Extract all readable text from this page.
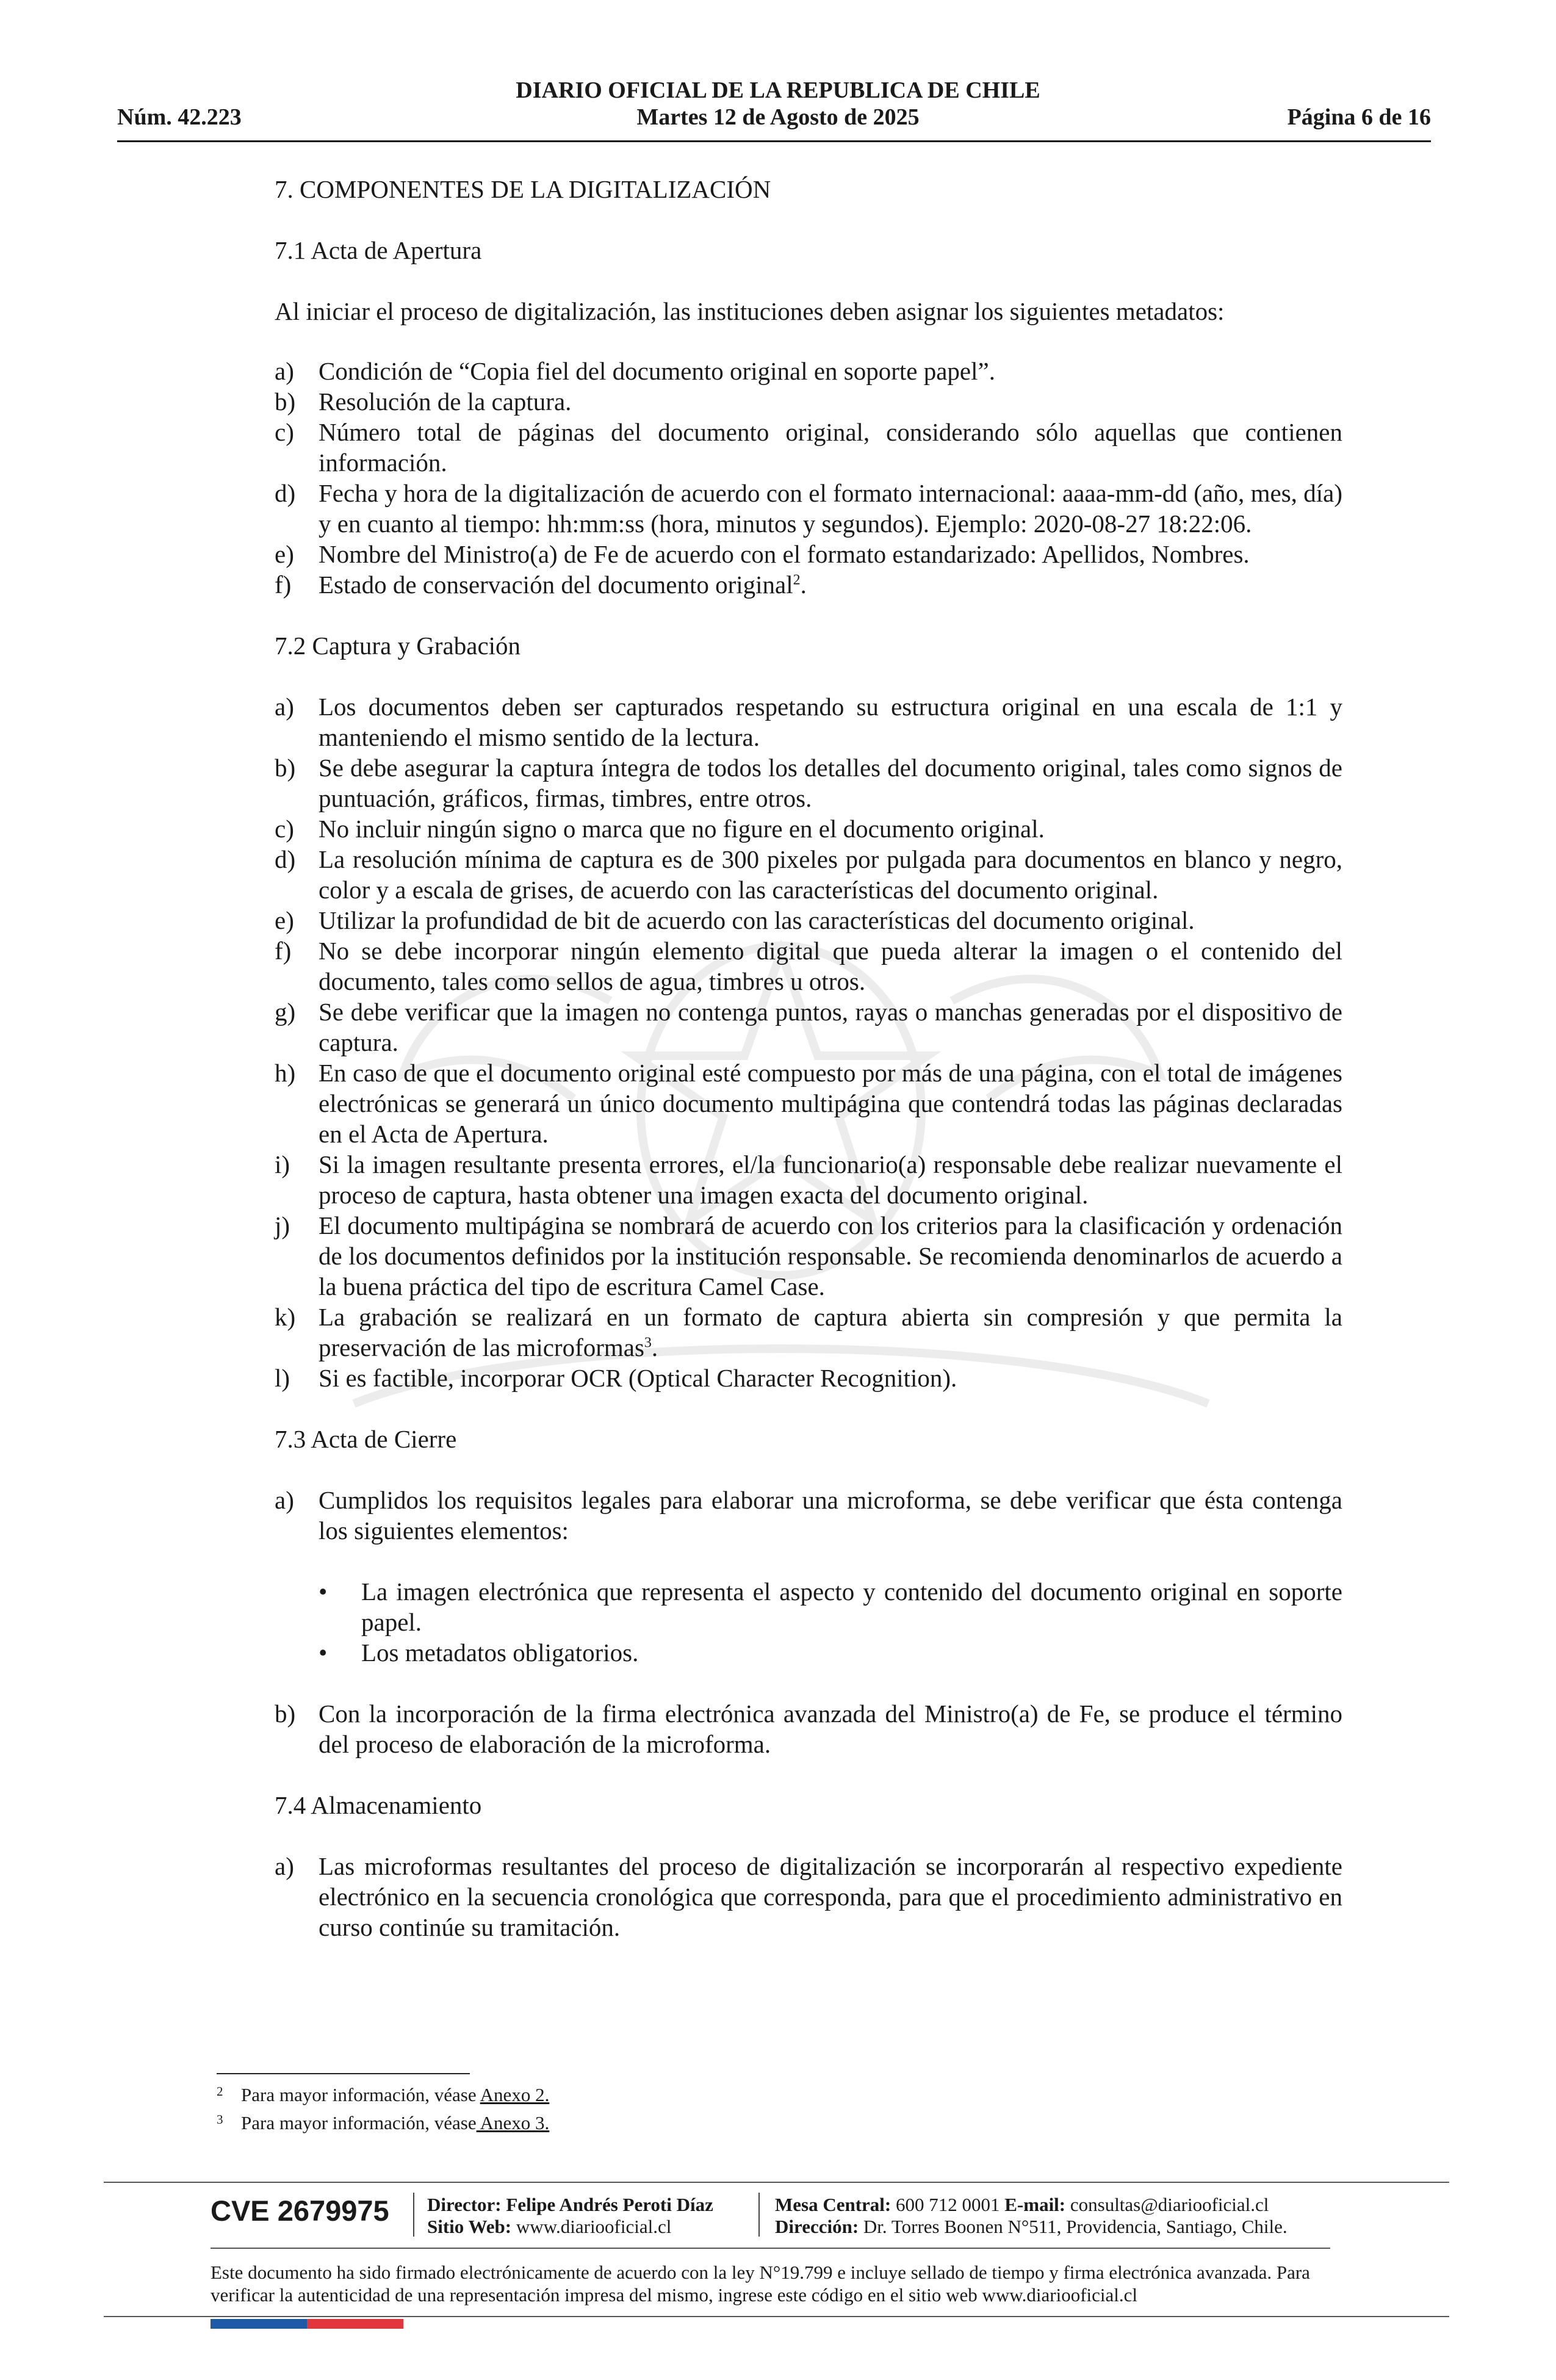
DIARIO OFICIAL DE LA REPUBLICA DE CHILE
Martes 12 de Agosto de 2025
Núm. 42.223	Página 6 de 16

7. COMPONENTES DE LA DIGITALIZACIÓN

7.1 Acta de Apertura

Al iniciar el proceso de digitalización, las instituciones deben asignar los siguientes metadatos:

a) Condición de “Copia fiel del documento original en soporte papel”.
b) Resolución de la captura.
c) Número total de páginas del documento original, considerando sólo aquellas que contienen información.
d) Fecha y hora de la digitalización de acuerdo con el formato internacional: aaaa-mm-dd (año, mes, día) y en cuanto al tiempo: hh:mm:ss (hora, minutos y segundos). Ejemplo: 2020-08-27 18:22:06.
e) Nombre del Ministro(a) de Fe de acuerdo con el formato estandarizado: Apellidos, Nombres.
f) Estado de conservación del documento original$^2$.

7.2 Captura y Grabación

a) Los documentos deben ser capturados respetando su estructura original en una escala de 1:1 y manteniendo el mismo sentido de la lectura.
b) Se debe asegurar la captura íntegra de todos los detalles del documento original, tales como signos de puntuación, gráficos, firmas, timbres, entre otros.
c) No incluir ningún signo o marca que no figure en el documento original.
d) La resolución mínima de captura es de 300 pixeles por pulgada para documentos en blanco y negro, color y a escala de grises, de acuerdo con las características del documento original.
e) Utilizar la profundidad de bit de acuerdo con las características del documento original.
f) No se debe incorporar ningún elemento digital que pueda alterar la imagen o el contenido del documento, tales como sellos de agua, timbres u otros.
g) Se debe verificar que la imagen no contenga puntos, rayas o manchas generadas por el dispositivo de captura.
h) En caso de que el documento original esté compuesto por más de una página, con el total de imágenes electrónicas se generará un único documento multipágina que contendrá todas las páginas declaradas en el Acta de Apertura.
i) Si la imagen resultante presenta errores, el/la funcionario(a) responsable debe realizar nuevamente el proceso de captura, hasta obtener una imagen exacta del documento original.
j) El documento multipágina se nombrará de acuerdo con los criterios para la clasificación y ordenación de los documentos definidos por la institución responsable. Se recomienda denominarlos de acuerdo a la buena práctica del tipo de escritura Camel Case.
k) La grabación se realizará en un formato de captura abierta sin compresión y que permita la preservación de las microformas$^3$.
l) Si es factible, incorporar OCR (Optical Character Recognition).

7.3 Acta de Cierre

a) Cumplidos los requisitos legales para elaborar una microforma, se debe verificar que ésta contenga los siguientes elementos:
• La imagen electrónica que representa el aspecto y contenido del documento original en soporte papel.
• Los metadatos obligatorios.
b) Con la incorporación de la firma electrónica avanzada del Ministro(a) de Fe, se produce el término del proceso de elaboración de la microforma.

7.4 Almacenamiento

a) Las microformas resultantes del proceso de digitalización se incorporarán al respectivo expediente electrónico en la secuencia cronológica que corresponda, para que el procedimiento administrativo en curso continúe su tramitación.
2 Para mayor información, véase Anexo 2.
3 Para mayor información, véase Anexo 3.
CVE 2679975 Director: Felipe Andrés Peroti Díaz
Sitio Web: www.diariooficial.cl
Mesa Central: 600 712 0001 E-mail: consultas@diariooficial.cl
Dirección: Dr. Torres Boonen N°511, Providencia, Santiago, Chile.
Este documento ha sido firmado electrónicamente de acuerdo con la ley N°19.799 e incluye sellado de tiempo y firma electrónica avanzada. Para verificar la autenticidad de una representación impresa del mismo, ingrese este código en el sitio web www.diariooficial.cl
